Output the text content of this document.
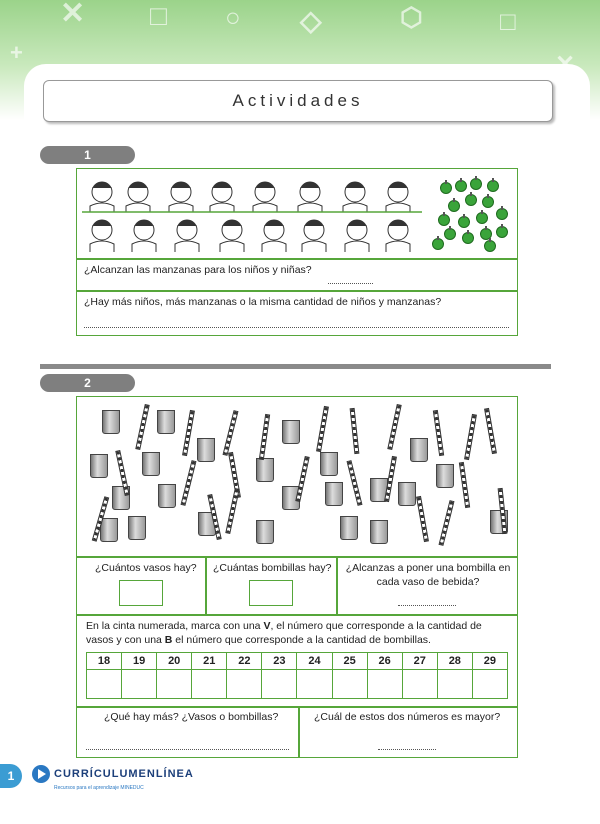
✕ □ ○ ◇	⬡	□
+
Actividades
1
¿Alcanzan las manzanas para los niños y niñas?
¿Hay más niños, más manzanas o la misma cantidad de niños y manzanas?
2
¿Cuántos vasos hay? ¿Cuántas bombillas hay?	¿Alcanzas a poner una bombilla en cada vaso de bebida?
En la cinta numerada, marca con una V, el número que corresponde a la cantidad de vasos y con una B el número que corresponde a la cantidad de bombillas.
18	19	20	21	22	23	24	25	26	27	28	29

¿Qué hay más? ¿Vasos o bombillas?	¿Cuál de estos dos números es mayor?
1	CURRÍCULUMENLÍNEA
Recursos para el aprendizaje MINEDUC
